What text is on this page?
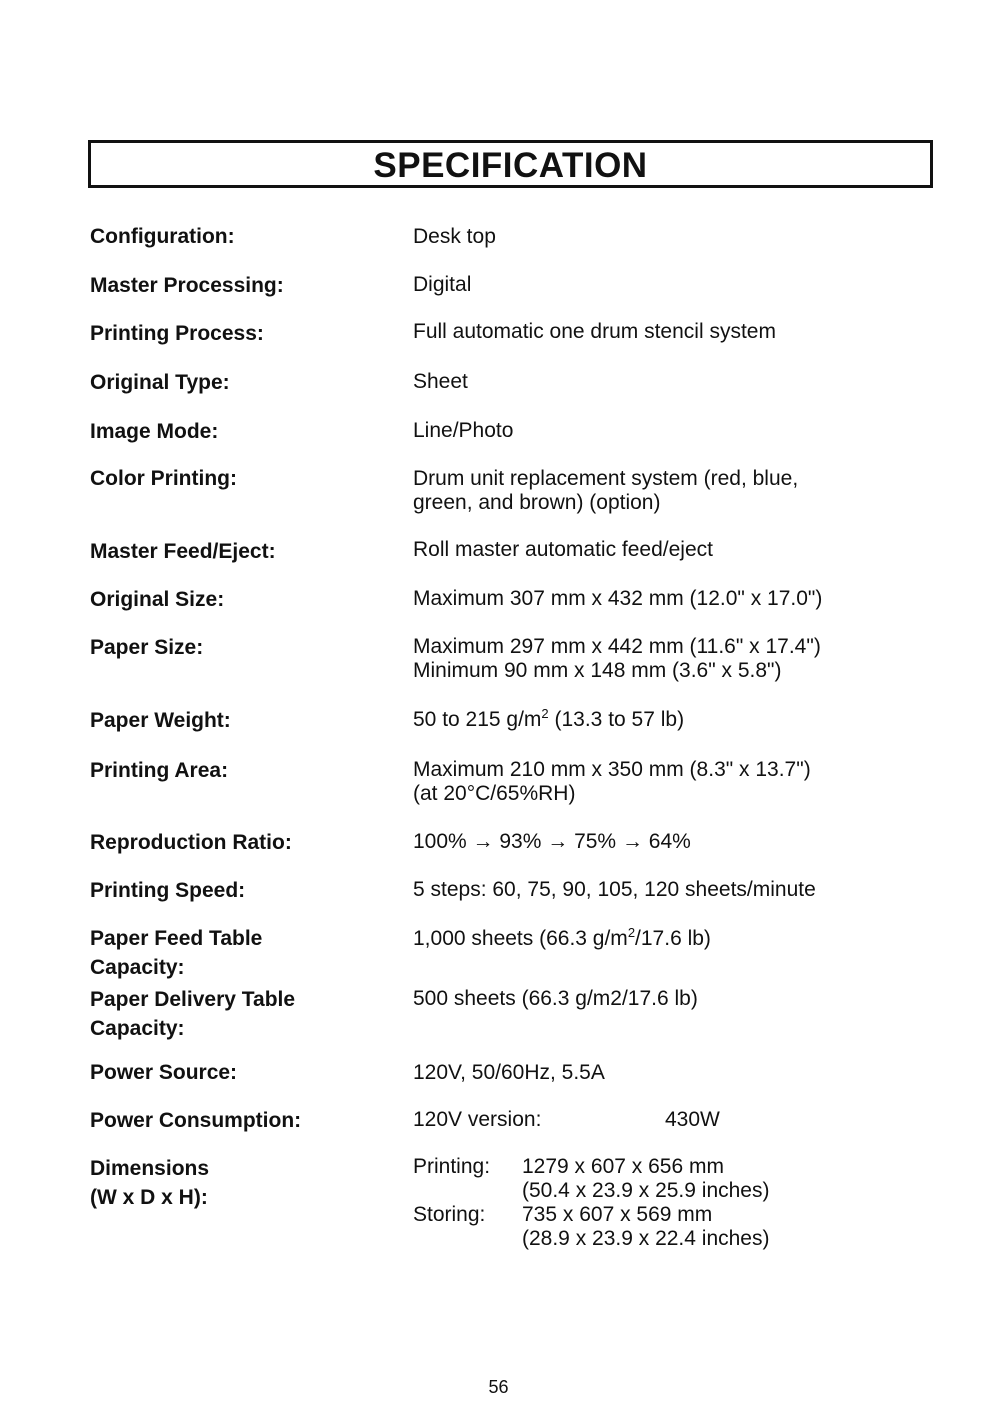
SPECIFICATION
Configuration:	Desk top
Master Processing:	Digital
Printing Process:	Full automatic one drum stencil system
Original Type:	Sheet
Image Mode:	Line/Photo
Color Printing:	Drum unit replacement system (red, blue,
green, and brown) (option)
Master Feed/Eject:	Roll master automatic feed/eject
Original Size:	Maximum 307 mm x 432 mm (12.0" x 17.0")
Paper Size:	Maximum 297 mm x 442 mm (11.6" x 17.4")
Minimum 90 mm x 148 mm (3.6" x 5.8")
Paper Weight:	50 to 215 $g/m^2$ (13.3 to 57 lb)
Printing Area:	Maximum 210 mm x 350 mm (8.3" x 13.7")
(at 20°C/65%RH)
Reproduction Ratio:	100% → 93% → 75% → 64%
Printing Speed:	5 steps: 60, 75, 90, 105, 120 sheets/minute
Paper Feed Table
Capacity:
1,000 sheets (66.3 $g/m^2/17.6$ lb)
Paper Delivery Table
Capacity:
500 sheets (66.3 g/m2/17.6 lb)
Power Source:	120V, 50/60Hz, 5.5A
Power Consumption:	120V version:	430W
Dimensions
(W x D x H):
Printing: 1279 x 607 x 656 mm
(50.4 x 23.9 x 25.9 inches)
Storing: 735 x 607 x 569 mm
(28.9 x 23.9 x 22.4 inches)
56
